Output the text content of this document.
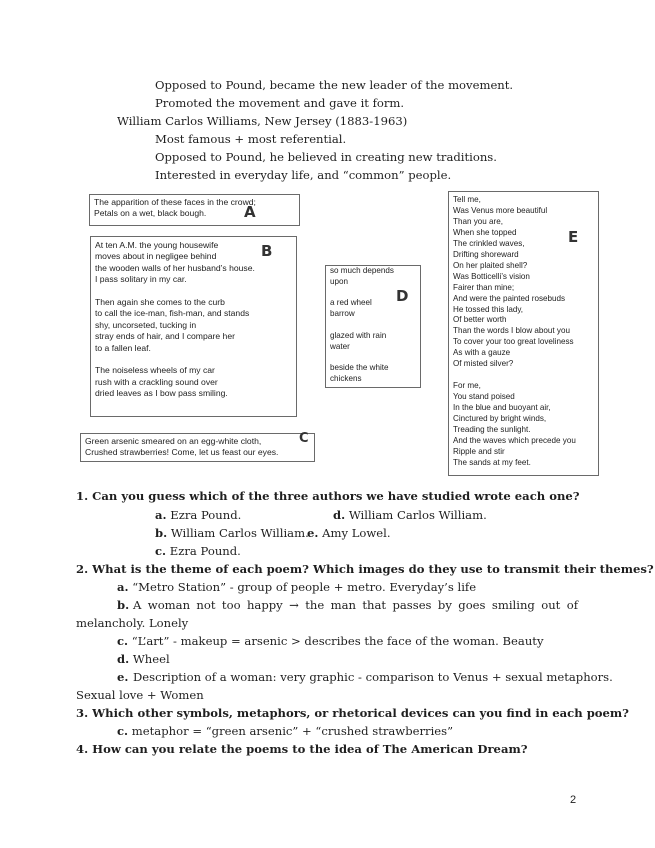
Opposed to Pound, became the new leader of the movement.
Promoted the movement and gave it form.
William Carlos Williams, New Jersey (1883-1963)
Most famous + most referential.
Opposed to Pound, he believed in creating new traditions.
Interested in everyday life, and “common” people.
The apparition of these faces in the crowd;
Petals on a wet, black bough.	A
At ten A.M. the young housewife
moves about in negligee behind
the wooden walls of her husband’s house.
I pass solitary in my car.
Then again she comes to the curb
to call the ice-man, fish-man, and stands
shy, uncorseted, tucking in
stray ends of hair, and I compare her
to a fallen leaf.
The noiseless wheels of my car
rush with a crackling sound over
dried leaves as I bow pass smiling.
B
Green arsenic smeared on an egg-white cloth,
Crushed strawberries! Come, let us feast our eyes.
C
so much depends
upon
a red wheel
barrow
glazed with rain
water
beside the white
chickens
D
Tell me,
Was Venus more beautiful
Than you are,
When she topped
The crinkled waves,
Drifting shoreward
On her plaited shell?
Was Botticelli’s vision
Fairer than mine;
And were the painted rosebuds
He tossed this lady,
Of better worth
Than the words I blow about you
To cover your too great loveliness
As with a gauze
Of misted silver?
For me,
You stand poised
In the blue and buoyant air,
Cinctured by bright winds,
Treading the sunlight.
And the waves which precede you
Ripple and stir
The sands at my feet.
E
1. Can you guess which of the three authors we have studied wrote each one?
a. Ezra Pound.	d. William Carlos William.
b. William Carlos William.
e. Amy Lowel.
c. Ezra Pound.
2. What is the theme of each poem? Which images do they use to transmit their themes?
a. “Metro Station” - group of people + metro. Everyday’s life
b. A woman not too happy → the man that passes by goes smiling out of
melancholy. Lonely
c. “L’art” - makeup = arsenic > describes the face of the woman. Beauty
d. Wheel
e. Description of a woman: very graphic - comparison to Venus + sexual metaphors.
Sexual love + Women
3. Which other symbols, metaphors, or rhetorical devices can you find in each poem?
c. metaphor = “green arsenic” + “crushed strawberries”
4. How can you relate the poems to the idea of The American Dream?
2
